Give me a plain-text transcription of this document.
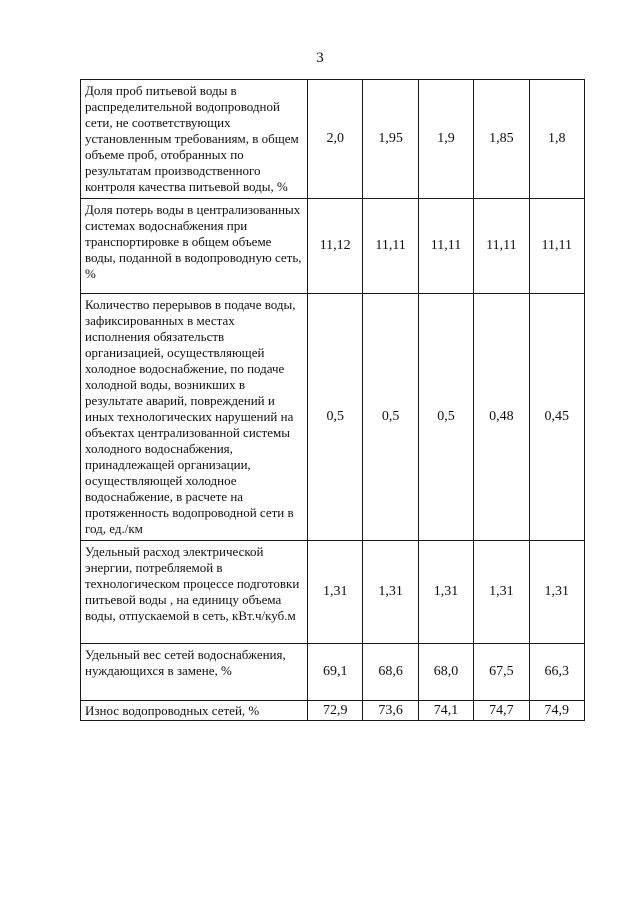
3
Доля проб питьевой воды в распределительной водопроводной сети, не соответствующих установленным требованиям, в общем объеме проб, отобранных по результатам производственного контроля качества питьевой воды, %	2,0	1,95	1,9	1,85	1,8
Доля потерь воды в централизованных системах водоснабжения при транспортировке в общем объеме воды, поданной в водопроводную сеть, %	11,12	11,11	11,11	11,11	11,11
Количество перерывов в подаче воды, зафиксированных в местах исполнения обязательств организацией, осуществляющей холодное водоснабжение, по подаче холодной воды, возникших в результате аварий, повреждений и иных технологических нарушений на объектах централизованной системы холодного водоснабжения, принадлежащей организации, осуществляющей холодное водоснабжение, в расчете на протяженность водопроводной сети в год, ед./км	0,5	0,5	0,5	0,48	0,45
Удельный расход электрической энергии, потребляемой в технологическом процессе подготовки питьевой воды , на единицу объема воды, отпускаемой в сеть, кВт.ч/куб.м	1,31	1,31	1,31	1,31	1,31
Удельный вес сетей водоснабжения, нуждающихся в замене, %	69,1	68,6	68,0	67,5	66,3
Износ водопроводных сетей, %	72,9	73,6	74,1	74,7	74,9
